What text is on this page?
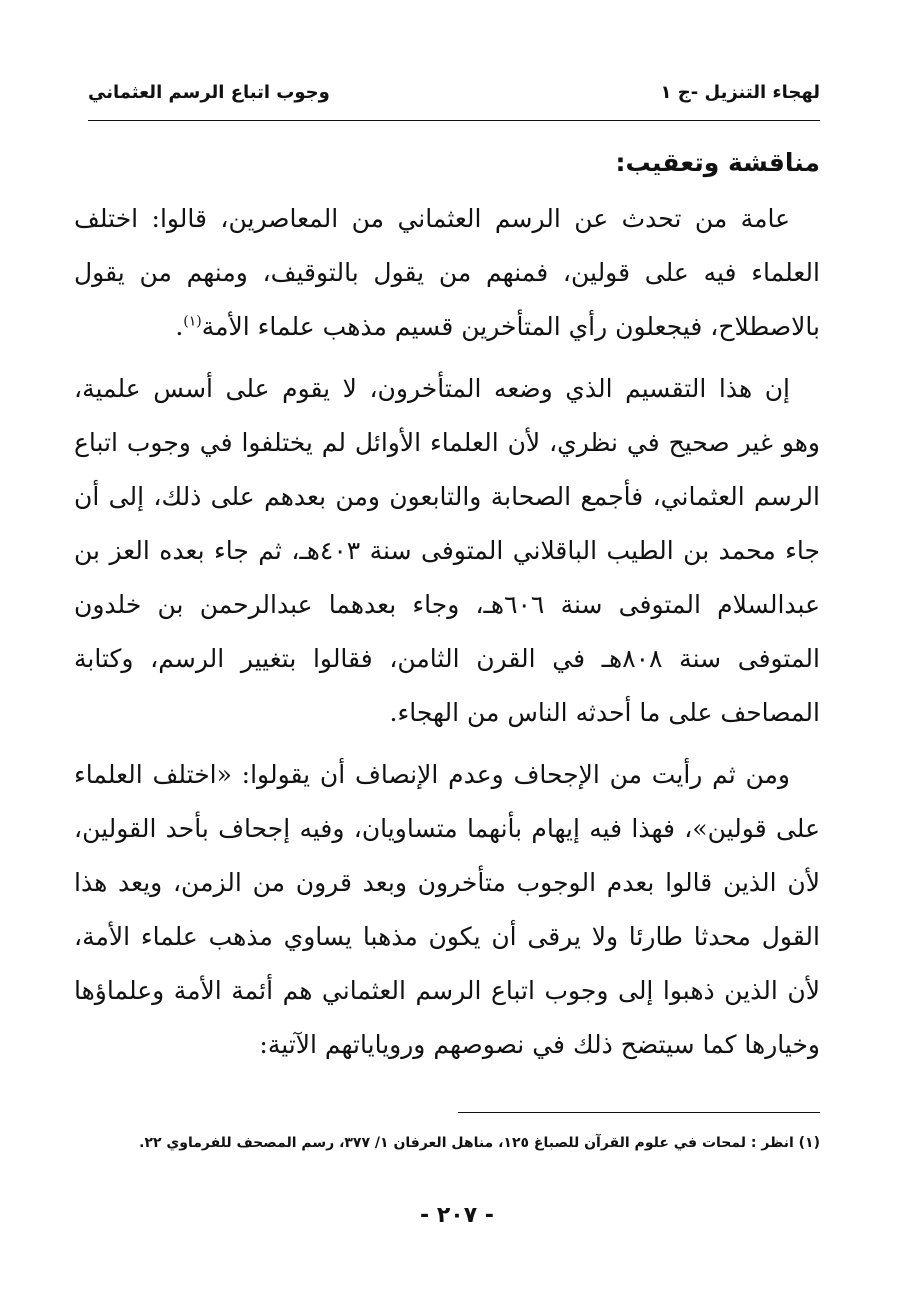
لهجاء التنزيل -ج ١
وجوب اتباع الرسم العثماني
مناقشة وتعقيب:

عامة من تحدث عن الرسم العثماني من المعاصرين، قالوا: اختلف العلماء فيه على قولين، فمنهم من يقول بالتوقيف، ومنهم من يقول بالاصطلاح، فيجعلون رأي المتأخرين قسيم مذهب علماء الأمة$^{(١)}$.

إن هذا التقسيم الذي وضعه المتأخرون، لا يقوم على أسس علمية، وهو غير صحيح في نظري، لأن العلماء الأوائل لم يختلفوا في وجوب اتباع الرسم العثماني، فأجمع الصحابة والتابعون ومن بعدهم على ذلك، إلى أن جاء محمد بن الطيب الباقلاني المتوفى سنة ٤٠٣هـ، ثم جاء بعده العز بن عبدالسلام المتوفى سنة ٦٠٦هـ، وجاء بعدهما عبدالرحمن بن خلدون المتوفى سنة ٨٠٨هـ في القرن الثامن، فقالوا بتغيير الرسم، وكتابة المصاحف على ما أحدثه الناس من الهجاء.

ومن ثم رأيت من الإجحاف وعدم الإنصاف أن يقولوا: «اختلف العلماء على قولين»، فهذا فيه إيهام بأنهما متساويان، وفيه إجحاف بأحد القولين، لأن الذين قالوا بعدم الوجوب متأخرون وبعد قرون من الزمن، ويعد هذا القول محدثا طارئا ولا يرقى أن يكون مذهبا يساوي مذهب علماء الأمة، لأن الذين ذهبوا إلى وجوب اتباع الرسم العثماني هم أئمة الأمة وعلماؤها وخيارها كما سيتضح ذلك في نصوصهم وروياياتهم الآتية:

(١) انظر : لمحات في علوم القرآن للصباغ ١٢٥، مناهل العرفان ١/ ٣٧٧، رسم المصحف للفرماوي ٢٢.
- ٢٠٧ -
